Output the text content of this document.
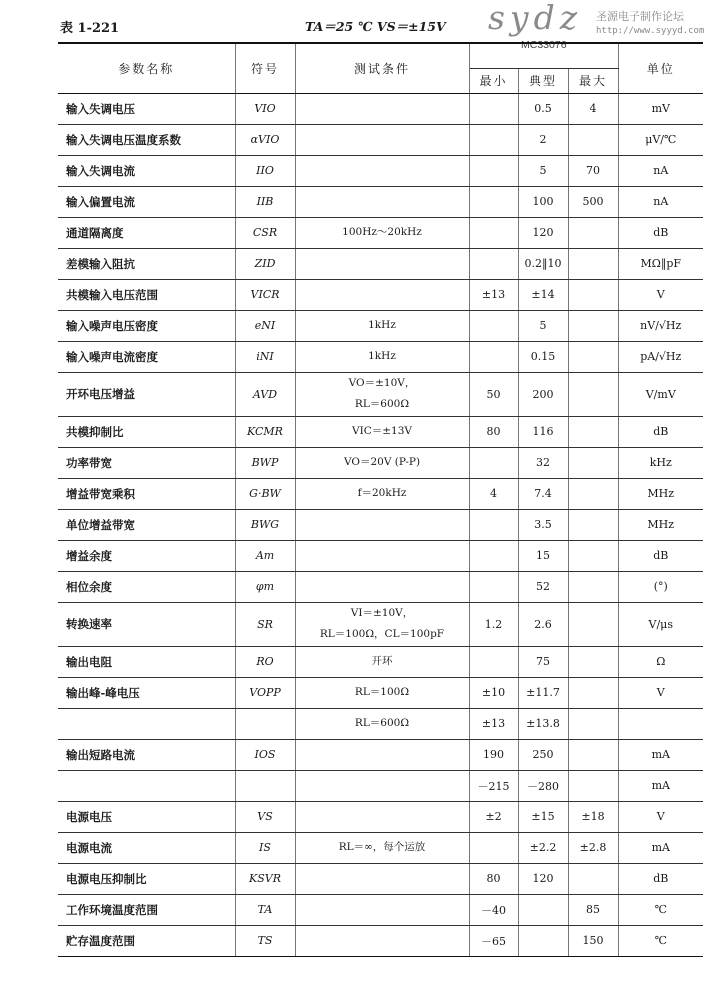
表 1-221	TA＝25 ℃ VS＝±15V sydz 圣源电子制作论坛
http://www.syyyd.com
MC33076
参数名称	符号	测试条件				单位
			最小	典型	最大	
输入失调电压	VIO			0.5	4	mV
输入失调电压温度系数	αVIO			2		μV/℃
输入失调电流	IIO			5	70	nA
输入偏置电流	IIB			100	500	nA
通道隔离度	CSR	100Hz～20kHz		120		dB
差模输入阻抗	ZID			0.2‖10		MΩ‖pF
共模输入电压范围	VICR		±13	±14		V
输入噪声电压密度	eNI	1kHz		5		nV/√Hz
输入噪声电流密度	iNI	1kHz		0.15		pA/√Hz
开环电压增益	AVD	VO＝±10V，
RL＝600Ω	50	200		V/mV
共模抑制比	KCMR	VIC＝±13V	80	116		dB
功率带宽	BWP	VO＝20V (P-P)		32		kHz
增益带宽乘积	G·BW	f＝20kHz	4	7.4		MHz
单位增益带宽	BWG			3.5		MHz
增益余度	Am			15		dB
相位余度	φm			52		(°)
转换速率	SR	VI＝±10V，
RL＝100Ω，CL＝100pF	1.2	2.6		V/μs
输出电阻	RO	开环		75		Ω
输出峰-峰电压	VOPP	RL＝100Ω	±10	±11.7		V
		RL＝600Ω	±13	±13.8		
输出短路电流	IOS		190	250		mA
			－215	－280		mA
电源电压	VS		±2	±15	±18	V
电源电流	IS	RL＝∞，每个运放		±2.2	±2.8	mA
电源电压抑制比	KSVR		80	120		dB
工作环境温度范围	TA		－40		85	℃
贮存温度范围	TS		－65		150	℃
